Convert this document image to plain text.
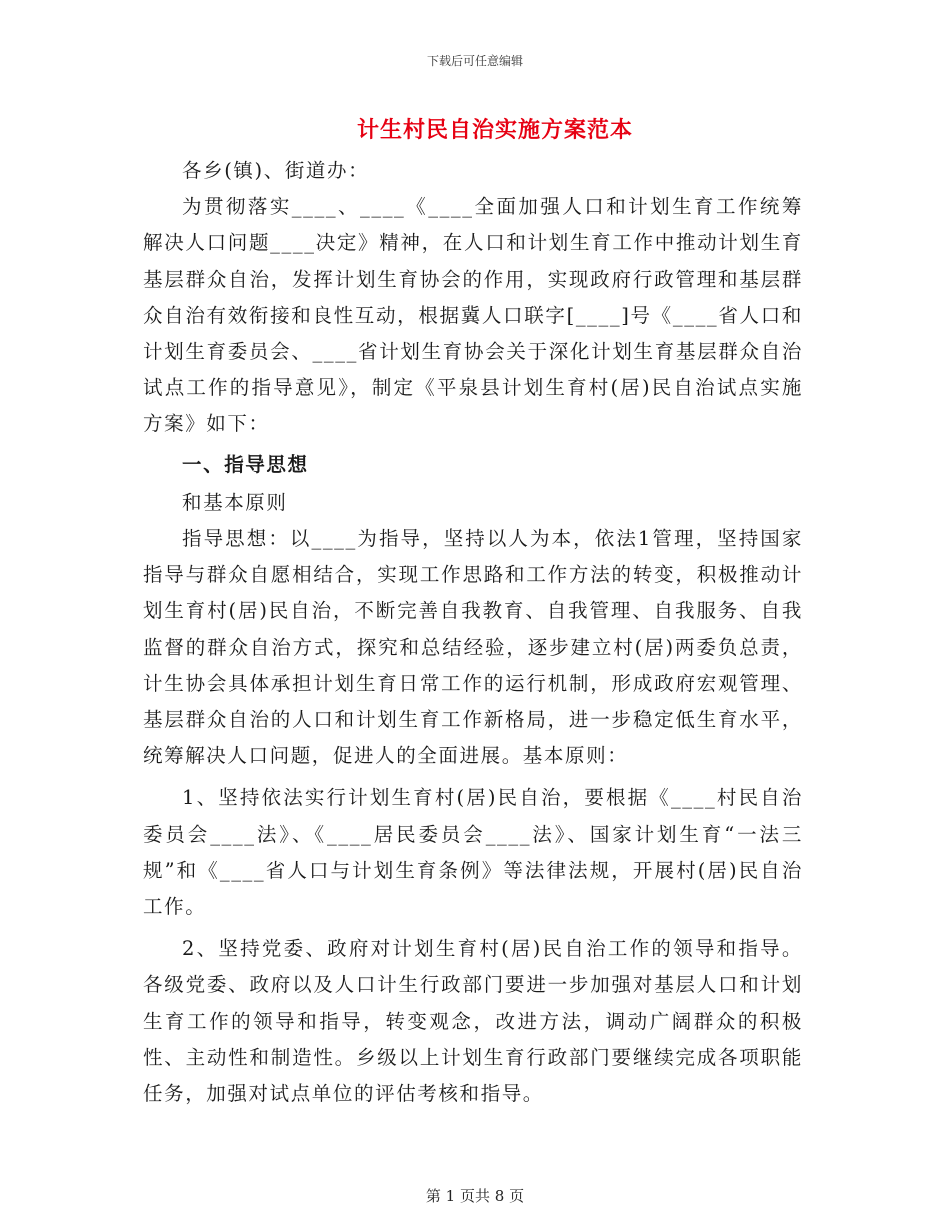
下载后可任意编辑
计生村民自治实施方案范本

各乡(镇)、街道办：

为贯彻落实____、____《____全面加强人口和计划生育工作统筹解决人口问题____决定》精神，在人口和计划生育工作中推动计划生育基层群众自治，发挥计划生育协会的作用，实现政府行政管理和基层群众自治有效衔接和良性互动，根据冀人口联字[____]号《____省人口和计划生育委员会、____省计划生育协会关于深化计划生育基层群众自治试点工作的指导意见》，制定《平泉县计划生育村(居)民自治试点实施方案》如下：

一、指导思想

和基本原则

指导思想：以____为指导，坚持以人为本，依法1管理，坚持国家指导与群众自愿相结合，实现工作思路和工作方法的转变，积极推动计划生育村(居)民自治，不断完善自我教育、自我管理、自我服务、自我监督的群众自治方式，探究和总结经验，逐步建立村(居)两委负总责，计生协会具体承担计划生育日常工作的运行机制，形成政府宏观管理、基层群众自治的人口和计划生育工作新格局，进一步稳定低生育水平，统筹解决人口问题，促进人的全面进展。基本原则：

1、坚持依法实行计划生育村(居)民自治，要根据《____村民自治委员会____法》、《____居民委员会____法》、国家计划生育“一法三规”和《____省人口与计划生育条例》等法律法规，开展村(居)民自治工作。

2、坚持党委、政府对计划生育村(居)民自治工作的领导和指导。各级党委、政府以及人口计生行政部门要进一步加强对基层人口和计划生育工作的领导和指导，转变观念，改进方法，调动广阔群众的积极性、主动性和制造性。乡级以上计划生育行政部门要继续完成各项职能任务，加强对试点单位的评估考核和指导。

第 1 页共 8 页
